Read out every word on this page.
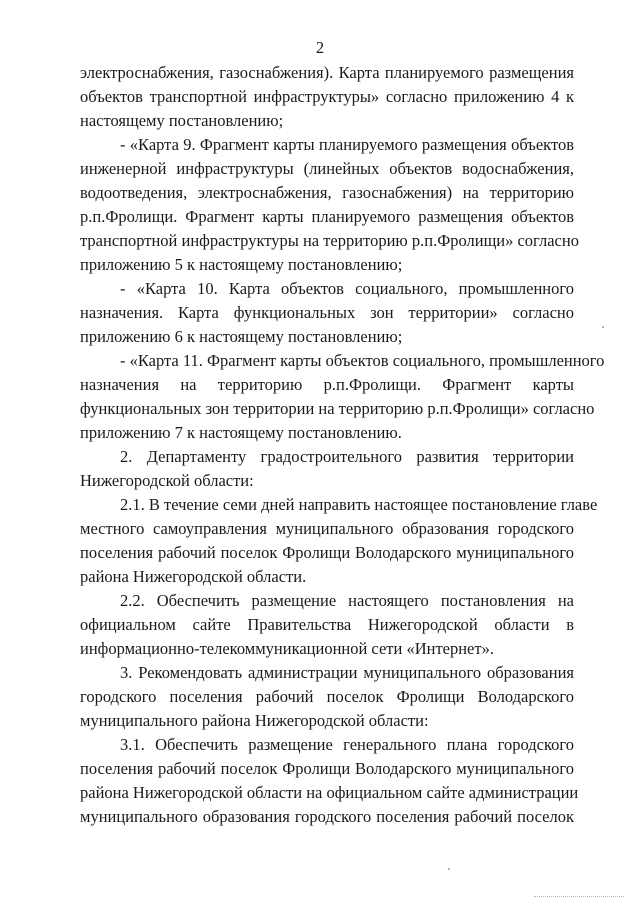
2
электроснабжения, газоснабжения). Карта планируемого размещения
объектов транспортной инфраструктуры» согласно приложению 4 к
настоящему постановлению;
- «Карта 9. Фрагмент карты планируемого размещения объектов
инженерной инфраструктуры (линейных объектов водоснабжения,
водоотведения, электроснабжения, газоснабжения) на территорию
р.п.Фролищи. Фрагмент карты планируемого размещения объектов
транспортной инфраструктуры на территорию р.п.Фролищи» согласно
приложению 5 к настоящему постановлению;
- «Карта 10. Карта объектов социального, промышленного
назначения. Карта функциональных зон территории» согласно
приложению 6 к настоящему постановлению;
- «Карта 11. Фрагмент карты объектов социального, промышленного
назначения на территорию р.п.Фролищи. Фрагмент карты
функциональных зон территории на территорию р.п.Фролищи» согласно
приложению 7 к настоящему постановлению.
2. Департаменту градостроительного развития территории
Нижегородской области:
2.1. В течение семи дней направить настоящее постановление главе
местного самоуправления муниципального образования городского
поселения рабочий поселок Фролищи Володарского муниципального
района Нижегородской области.
2.2. Обеспечить размещение настоящего постановления на
официальном сайте Правительства Нижегородской области в
информационно-телекоммуникационной сети «Интернет».
3. Рекомендовать администрации муниципального образования
городского поселения рабочий поселок Фролищи Володарского
муниципального района Нижегородской области:
3.1. Обеспечить размещение генерального плана городского
поселения рабочий поселок Фролищи Володарского муниципального
района Нижегородской области на официальном сайте администрации
муниципального образования городского поселения рабочий поселок
